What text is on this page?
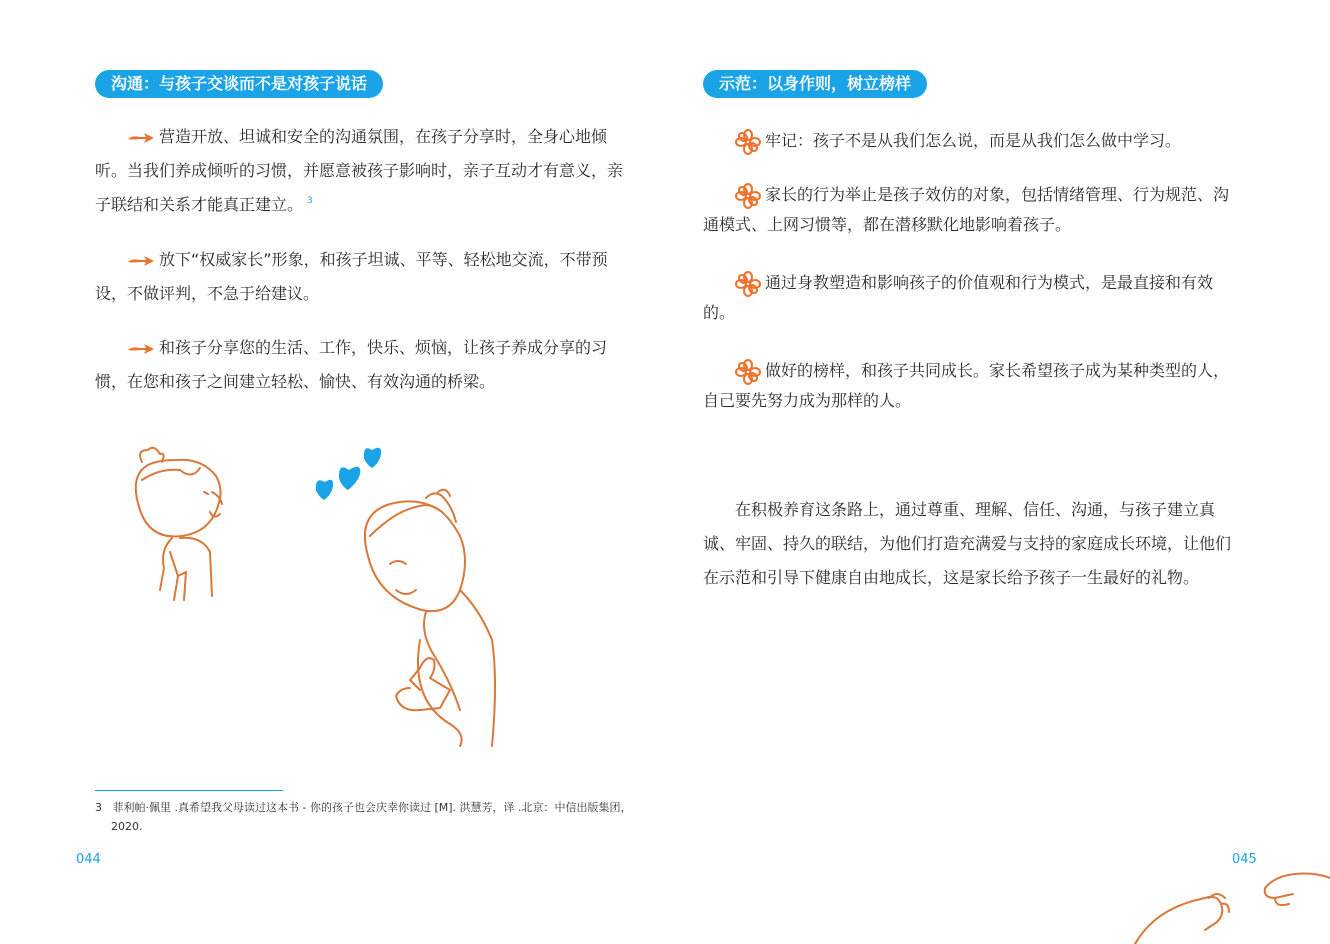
沟通：与孩子交谈而不是对孩子说话

营造开放、坦诚和安全的沟通氛围，在孩子分享时，全身心地倾听。当我们养成倾听的习惯，并愿意被孩子影响时，亲子互动才有意义，亲子联结和关系才能真正建立。 $^3$

放下“权威家长”形象，和孩子坦诚、平等、轻松地交流，不带预设，不做评判，不急于给建议。

和孩子分享您的生活、工作，快乐、烦恼，让孩子养成分享的习惯，在您和孩子之间建立轻松、愉快、有效沟通的桥梁。

3 菲利帕·佩里 .真希望我父母读过这本书 - 你的孩子也会庆幸你读过 [M]. 洪慧芳，译 .北京：中信出版集团，2020.
044
示范：以身作则，树立榜样

牢记：孩子不是从我们怎么说，而是从我们怎么做中学习。

家长的行为举止是孩子效仿的对象，包括情绪管理、行为规范、沟通模式、上网习惯等，都在潜移默化地影响着孩子。

通过身教塑造和影响孩子的价值观和行为模式，是最直接和有效的。

做好的榜样，和孩子共同成长。家长希望孩子成为某种类型的人，自己要先努力成为那样的人。

在积极养育这条路上，通过尊重、理解、信任、沟通，与孩子建立真诚、牢固、持久的联结，为他们打造充满爱与支持的家庭成长环境，让他们在示范和引导下健康自由地成长，这是家长给予孩子一生最好的礼物。

045
